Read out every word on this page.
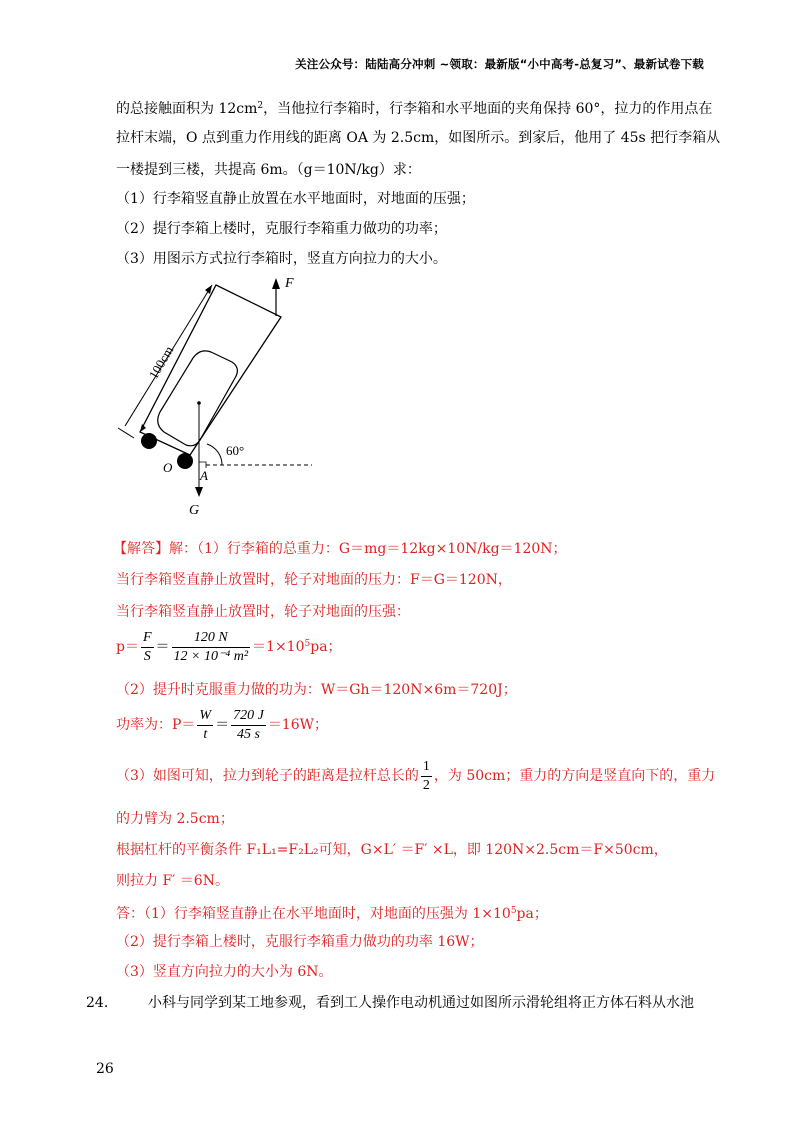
关注公众号：陆陆高分冲刺 ~领取：最新版“小中高考-总复习”、最新试卷下载
的总接触面积为 $12cm^2$，当他拉行李箱时，行李箱和水平地面的夹角保持 60°，拉力的作用点在
拉杆末端，O 点到重力作用线的距离 OA 为 2.5cm，如图所示。到家后，他用了 45s 把行李箱从
一楼提到三楼，共提高 6m。（g＝10N/kg）求：
（1）行李箱竖直静止放置在水平地面时，对地面的压强；
（2）提行李箱上楼时，克服行李箱重力做功的功率；
（3）用图示方式拉行李箱时，竖直方向拉力的大小。
100cm
60°
F
O
A
G
【解答】解：（1）行李箱的总重力：G＝mg＝12kg×10N/kg＝120N；
当行李箱竖直静止放置时，轮子对地面的压力：F＝G＝120N，
当行李箱竖直静止放置时，轮子对地面的压强：
$p= \frac{F}{S} = \frac{120 N}{\text{12 × 10⁻⁴ m²}} =1\times 10^5pa$；
（2）提升时克服重力做的功为：W＝Gh＝120N×6m＝720J；
功率为：$P= \frac{W}{t} = \frac{720 J}{45 s} =16W$；
（3）如图可知，拉力到轮子的距离是拉杆总长的 $\frac{1}{2}$ ，为 50cm；重力的方向是竖直向下的，重力
的力臂为 2.5cm；
根据杠杆的平衡条件 F₁L₁=F₂L₂可知，G×L′ ＝F′ ×L，即 120N×2.5cm＝F×50cm，
则拉力 F′ ＝6N。
答：（1）行李箱竖直静止在水平地面时，对地面的压强为 $1\times 10^5pa$；
（2）提行李箱上楼时，克服行李箱重力做功的功率 16W；
（3）竖直方向拉力的大小为 6N。
24.	小科与同学到某工地参观，看到工人操作电动机通过如图所示滑轮组将正方体石料从水池
26
